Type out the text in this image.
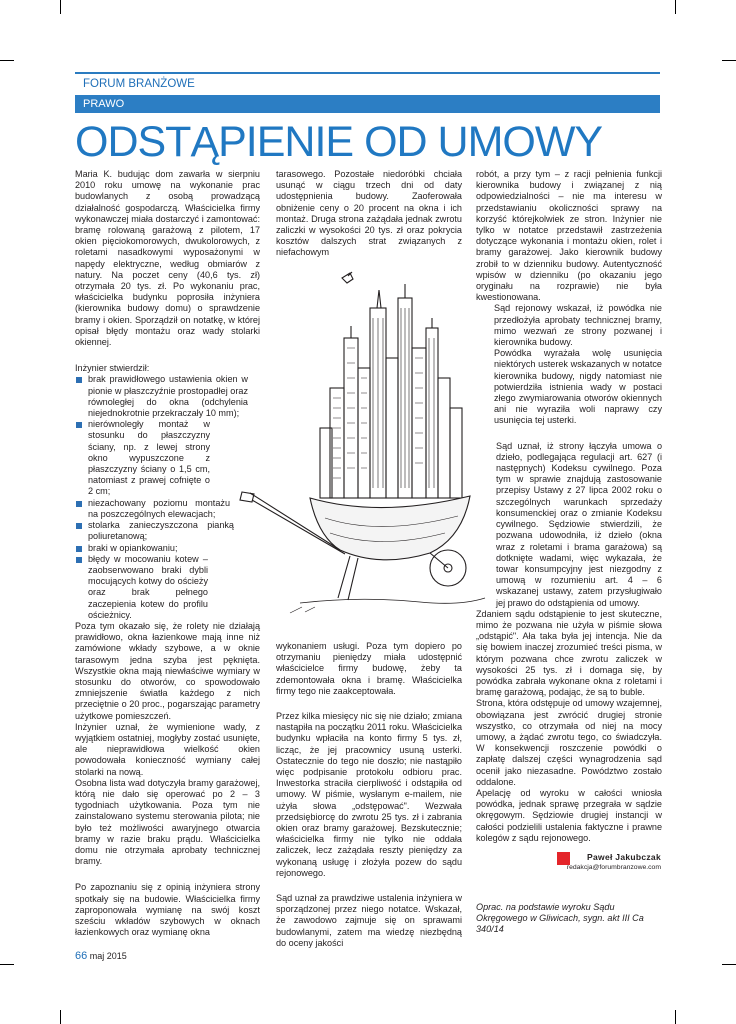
FORUM BRANŻOWE
PRAWO
ODSTĄPIENIE OD UMOWY

Maria K. budując dom zawarła w sierpniu 2010 roku umowę na wykonanie prac budowlanych z osobą prowadzącą działalność gospodarczą. Właścicielka firmy wykonawczej miała dostarczyć i zamontować: bramę rolowaną garażową z pilotem, 17 okien pięciokomorowych, dwukolorowych, z roletami nasadkowymi wyposażonymi w napędy elektryczne, według obmiarów z natury. Na poczet ceny (40,6 tys. zł) otrzymała 20 tys. zł. Po wykonaniu prac, właścicielka budynku poprosiła inżyniera (kierownika budowy domu) o sprawdzenie bramy i okien. Sporządził on notatkę, w której opisał błędy montażu oraz wady stolarki okiennej.

Inżynier stwierdził:

brak prawidłowego ustawienia okien w pionie w płaszczyźnie prostopadłej oraz równoległej do okna (odchylenia niejednokrotnie przekraczały 10 mm);
nierównoległy montaż w stosunku do płaszczyzny ściany, np. z lewej strony okno wypuszczone z płaszczyzny ściany o 1,5 cm, natomiast z prawej cofnięte o 2 cm;
niezachowany poziomu montażu na poszczególnych elewacjach;
stolarka zanieczyszczona pianką poliuretanową;
braki w opiankowaniu;
błędy w mocowaniu kotew – zaobserwowano braki dybli mocujących kotwy do ościeży oraz brak pełnego zaczepienia kotew do profilu ościeżnicy.

Poza tym okazało się, że rolety nie działają prawidłowo, okna łazienkowe mają inne niż zamówione wkłady szybowe, a w oknie tarasowym jedna szyba jest pęknięta. Wszystkie okna mają niewłaściwe wymiary w stosunku do otworów, co spowodowało zmniejszenie światła każdego z nich przeciętnie o 20 proc., pogarszając parametry użytkowe pomieszczeń.

Inżynier uznał, że wymienione wady, z wyjątkiem ostatniej, mogłyby zostać usunięte, ale nieprawidłowa wielkość okien powodowała konieczność wymiany całej stolarki na nową.

Osobna lista wad dotyczyła bramy garażowej, którą nie dało się operować po 2 – 3 tygodniach użytkowania. Poza tym nie zainstalowano systemu sterowania pilota; nie było też możliwości awaryjnego otwarcia bramy w razie braku prądu. Właścicielka domu nie otrzymała aprobaty technicznej bramy.

Po zapoznaniu się z opinią inżyniera strony spotkały się na budowie. Właścicielka firmy zaproponowała wymianę na swój koszt sześciu wkładów szybowych w oknach łazienkowych oraz wymianę okna

tarasowego. Pozostałe niedoróbki chciała usunąć w ciągu trzech dni od daty udostępnienia budowy. Zaoferowała obniżenie ceny o 20 procent na okna i ich montaż. Druga strona zażądała jednak zwrotu zaliczki w wysokości 20 tys. zł oraz pokrycia kosztów dalszych strat związanych z niefachowym

wykonaniem usługi. Poza tym dopiero po otrzymaniu pieniędzy miała udostępnić właścicielce firmy budowę, żeby ta zdemontowała okna i bramę. Właścicielka firmy tego nie zaakceptowała.

Przez kilka miesięcy nic się nie działo; zmiana nastąpiła na początku 2011 roku. Właścicielka budynku wpłaciła na konto firmy 5 tys. zł, licząc, że jej pracownicy usuną usterki. Ostatecznie do tego nie doszło; nie nastąpiło więc podpisanie protokołu odbioru prac. Inwestorka straciła cierpliwość i odstąpiła od umowy. W piśmie, wysłanym e-mailem, nie użyła słowa „odstępować". Wezwała przedsiębiorcę do zwrotu 25 tys. zł i zabrania okien oraz bramy garażowej. Bezskutecznie; właścicielka firmy nie tylko nie oddała zaliczek, lecz zażądała reszty pieniędzy za wykonaną usługę i złożyła pozew do sądu rejonowego.

Sąd uznał za prawdziwe ustalenia inżyniera w sporządzonej przez niego notatce. Wskazał, że zawodowo zajmuje się on sprawami budowlanymi, zatem ma wiedzę niezbędną do oceny jakości

robót, a przy tym – z racji pełnienia funkcji kierownika budowy i związanej z nią odpowiedzialności – nie ma interesu w przedstawianiu okoliczności sprawy na korzyść którejkolwiek ze stron. Inżynier nie tylko w notatce przedstawił zastrzeżenia dotyczące wykonania i montażu okien, rolet i bramy garażowej. Jako kierownik budowy zrobił to w dzienniku budowy. Autentyczność wpisów w dzienniku (po okazaniu jego oryginału na rozprawie) nie była kwestionowana.

Sąd rejonowy wskazał, iż powódka nie przedłożyła aprobaty technicznej bramy, mimo wezwań ze strony pozwanej i kierownika budowy.

Powódka wyrażała wolę usunięcia niektórych usterek wskazanych w notatce kierownika budowy, nigdy natomiast nie potwierdziła istnienia wady w postaci złego zwymiarowania otworów okiennych ani nie wyraziła woli naprawy czy usunięcia tej usterki.

Sąd uznał, iż strony łączyła umowa o dzieło, podlegająca regulacji art. 627 (i następnych) Kodeksu cywilnego. Poza tym w sprawie znajdują zastosowanie przepisy Ustawy z 27 lipca 2002 roku o szczególnych warunkach sprzedaży konsumenckiej oraz o zmianie Kodeksu cywilnego. Sędziowie stwierdzili, że pozwana udowodniła, iż dzieło (okna wraz z roletami i brama garażowa) są dotknięte wadami, więc wykazała, że towar konsumpcyjny jest niezgodny z umową w rozumieniu art. 4 – 6 wskazanej ustawy, zatem przysługiwało jej prawo do odstąpienia od umowy.

Zdaniem sądu odstąpienie to jest skuteczne, mimo że pozwana nie użyła w piśmie słowa „odstąpić". Ała taka była jej intencja. Nie da się bowiem inaczej zrozumieć treści pisma, w którym pozwana chce zwrotu zaliczek w wysokości 25 tys. zł i domaga się, by powódka zabrała wykonane okna z roletami i bramę garażową, podając, że są to buble.

Strona, która odstępuje od umowy wzajemnej, obowiązana jest zwrócić drugiej stronie wszystko, co otrzymała od niej na mocy umowy, a żądać zwrotu tego, co świadczyła. W konsekwencji roszczenie powódki o zapłatę dalszej części wynagrodzenia sąd ocenił jako niezasadne. Powództwo zostało oddalone.

Apelację od wyroku w całości wniosła powódka, jednak sprawę przegrała w sądzie okręgowym. Sędziowie drugiej instancji w całości podzielili ustalenia faktyczne i prawne kolegów z sądu rejonowego.

Paweł Jakubczak
redakcja@forumbranzowe.com
Oprac. na podstawie wyroku Sądu Okręgowego w Gliwicach, sygn. akt III Ca 340/14
66 maj 2015
